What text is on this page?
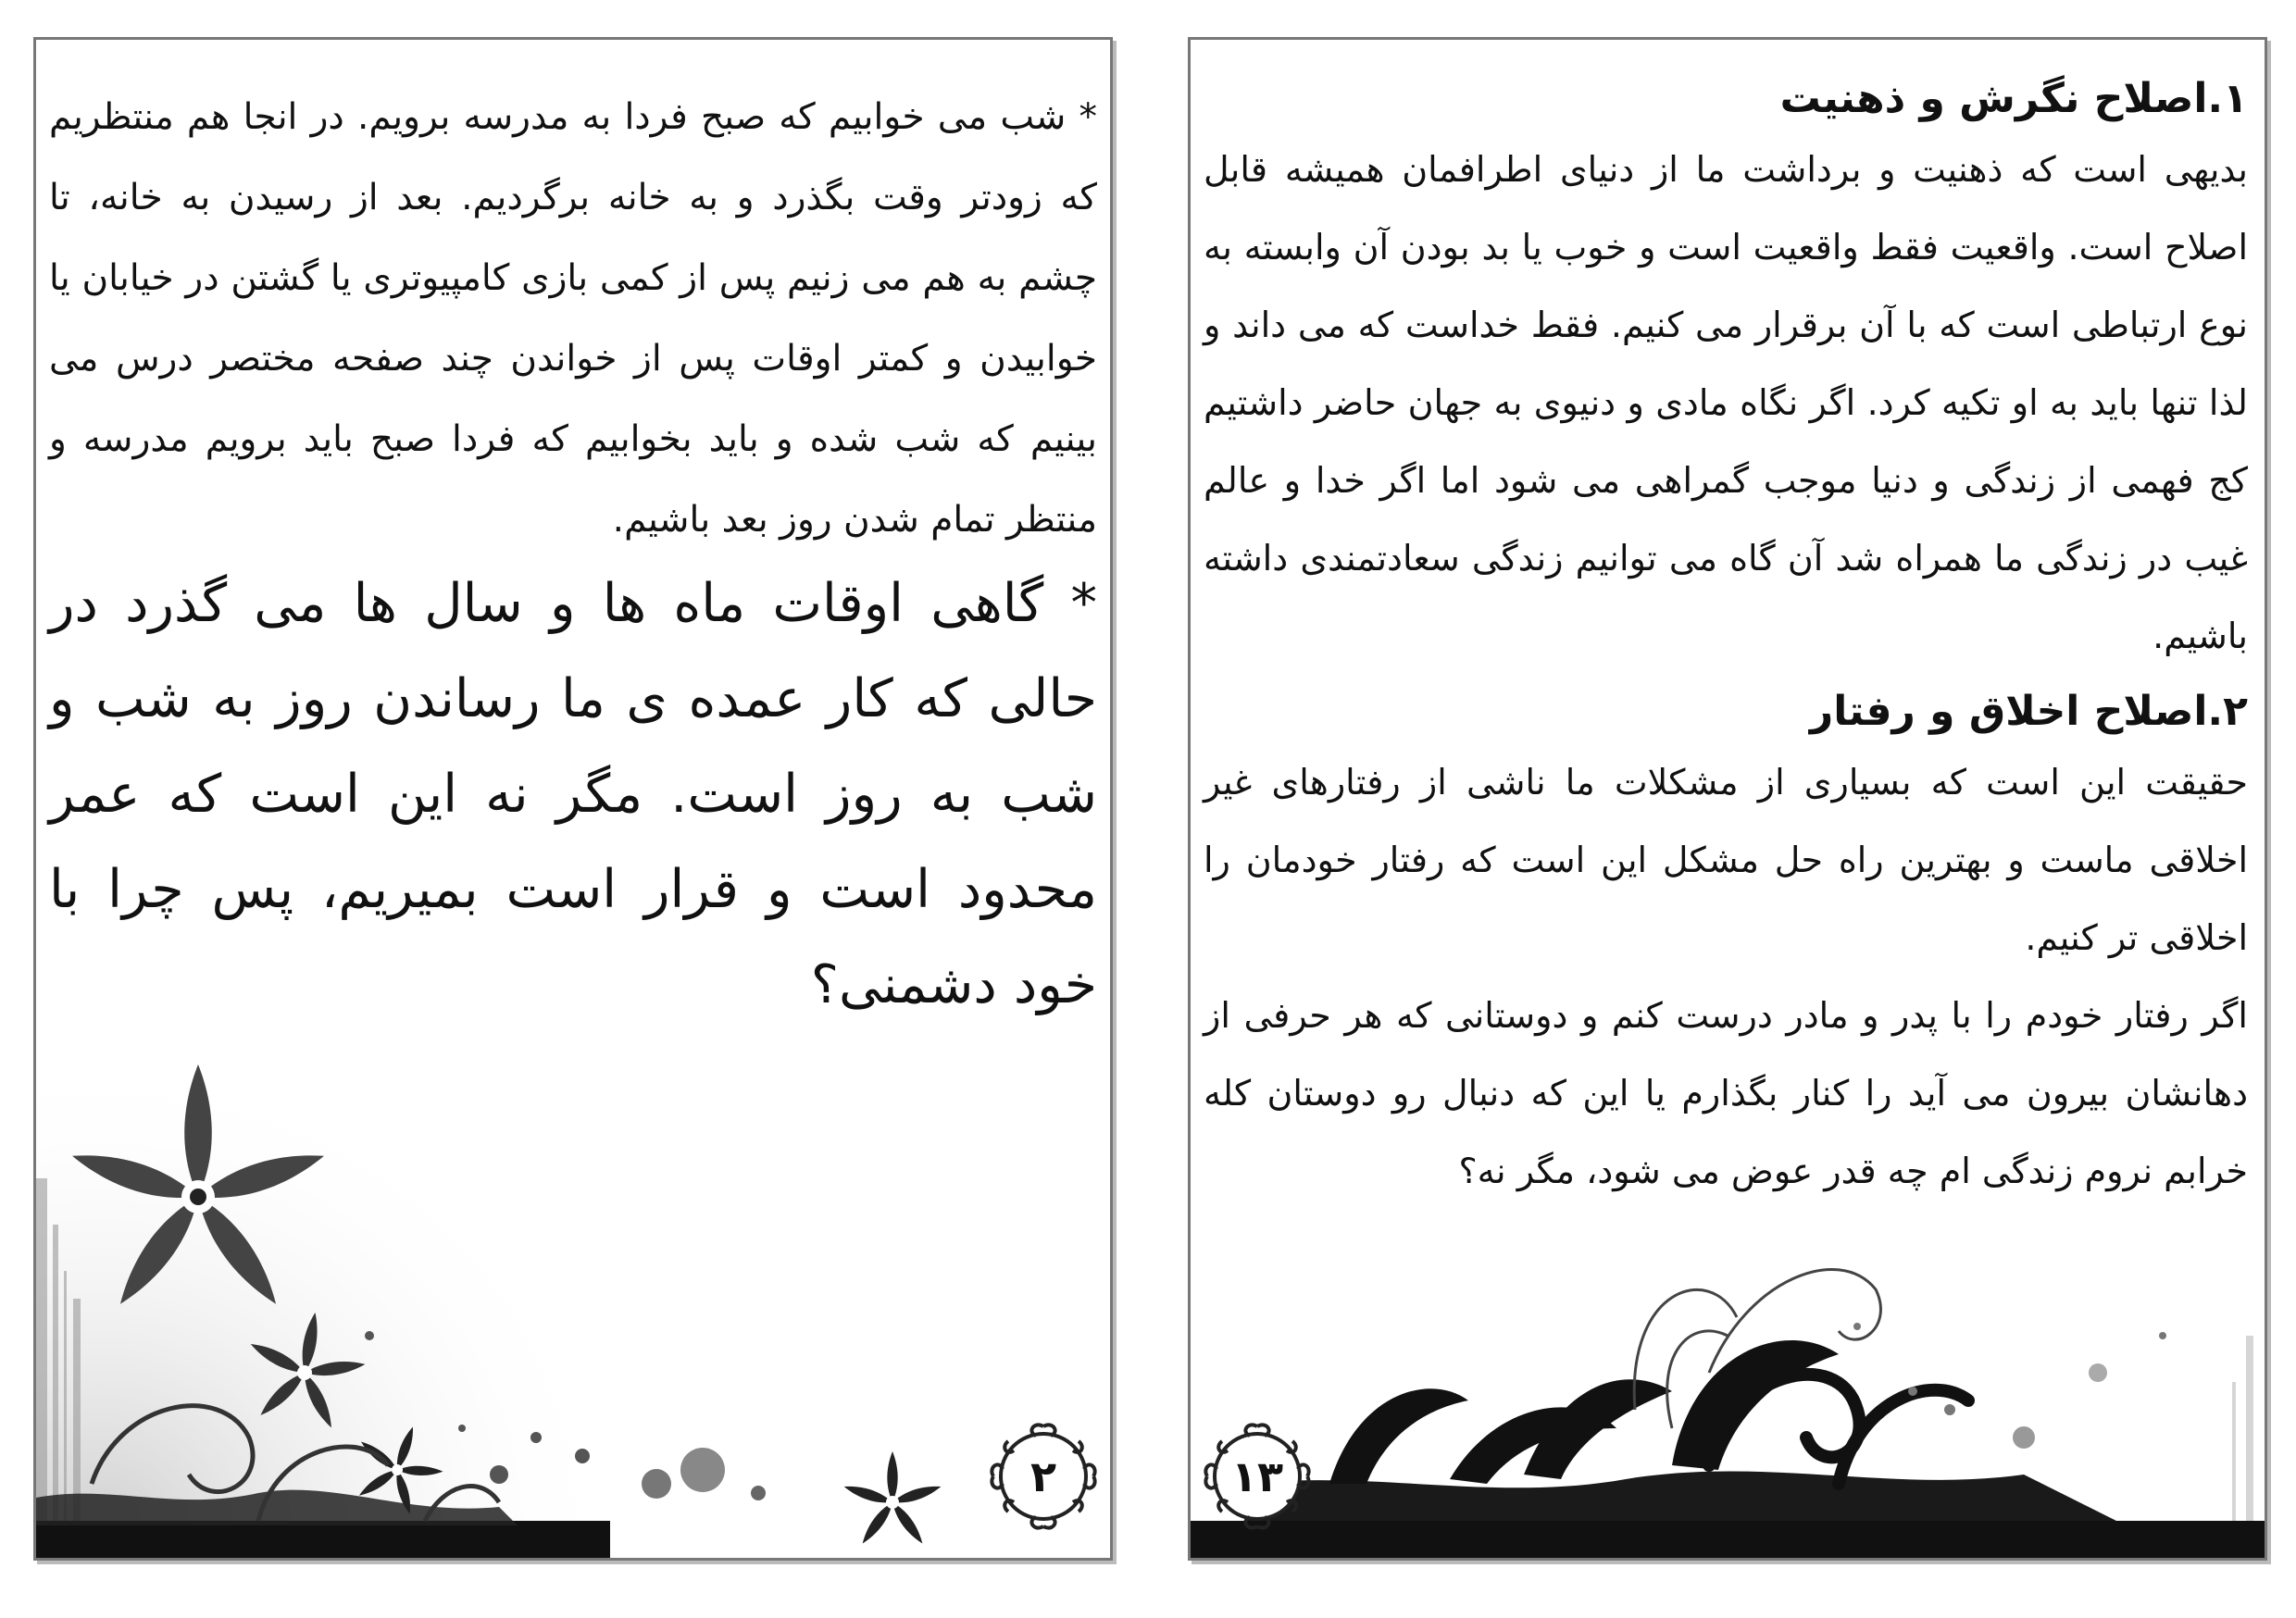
* شب می خوابیم که صبح فردا به مدرسه برویم. در انجا هم منتظریم که زودتر وقت بگذرد و به خانه برگردیم. بعد از رسیدن به خانه، تا چشم به هم می زنیم پس از کمی بازی کامپیوتری یا گشتن در خیابان یا خوابیدن و کمتر اوقات پس از خواندن چند صفحه مختصر درس می بینیم که شب شده و باید بخوابیم که فردا صبح باید برویم مدرسه و منتظر تمام شدن روز بعد باشیم.

* گاهی اوقات ماه ها و سال ها می گذرد در حالی که کار عمده ی ما رساندن روز به شب و شب به روز است. مگر نه این است که عمر محدود است و قرار است بمیریم، پس چرا با خود دشمنی؟

۲
۱.اصلاح نگرش و ذهنیت

بدیهی است که ذهنیت و برداشت ما از دنیای اطرافمان همیشه قابل اصلاح است. واقعیت فقط واقعیت است و خوب یا بد بودن آن وابسته به نوع ارتباطی است که با آن برقرار می کنیم. فقط خداست که می داند و لذا تنها باید به او تکیه کرد. اگر نگاه مادی و دنیوی به جهان حاضر داشتیم کج فهمی از زندگی و دنیا موجب گمراهی می شود اما اگر خدا و عالم غیب در زندگی ما همراه شد آن گاه می توانیم زندگی سعادتمندی داشته باشیم.

۲.اصلاح اخلاق و رفتار

حقیقت این است که بسیاری از مشکلات ما ناشی از رفتارهای غیر اخلاقی ماست و بهترین راه حل مشکل این است که رفتار خودمان را اخلاقی تر کنیم.

اگر رفتار خودم را با پدر و مادر درست کنم و دوستانی که هر حرفی از دهانشان بیرون می آید را کنار بگذارم یا این که دنبال رو دوستان کله خرابم نروم زندگی ام چه قدر عوض می شود، مگر نه؟

۱۳
